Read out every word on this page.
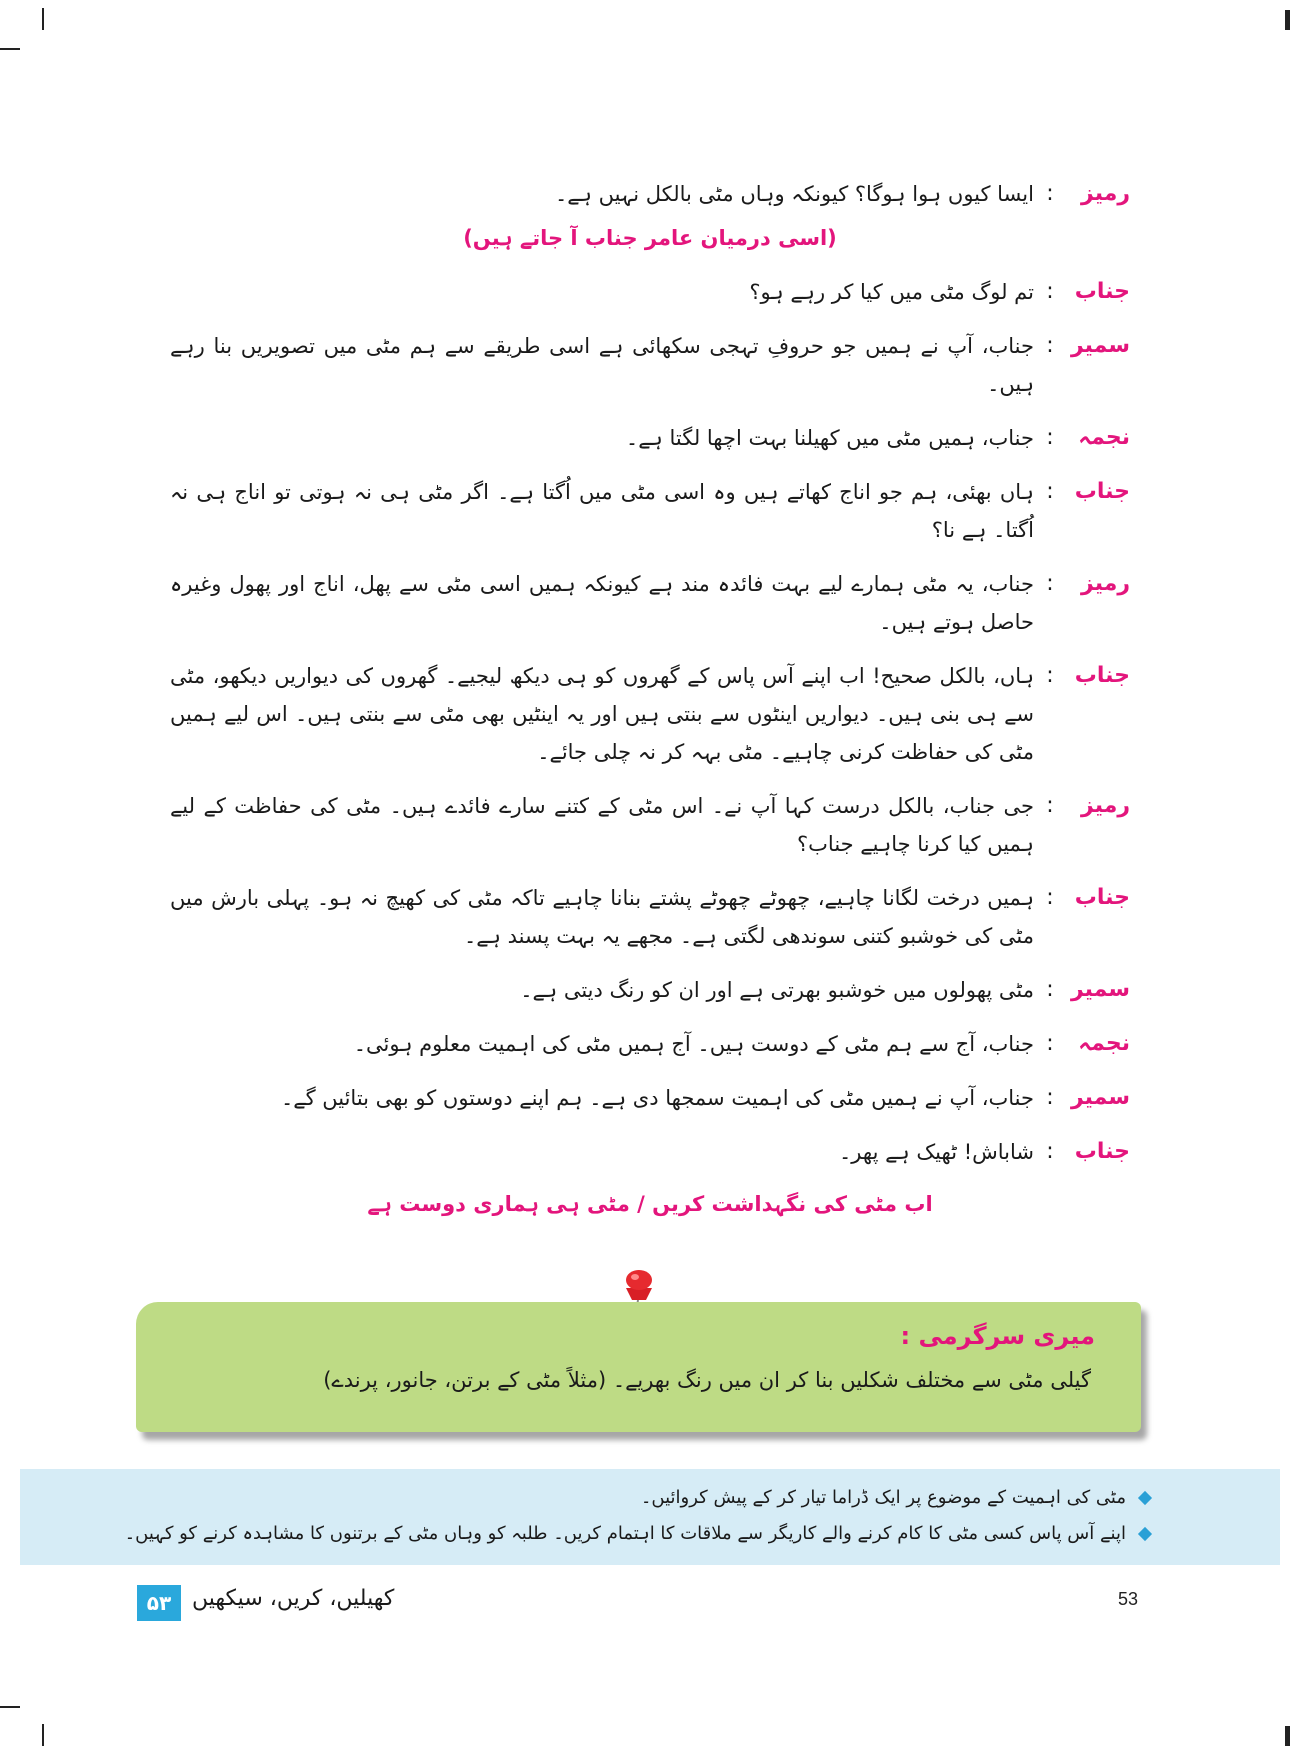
رمیز
:
ایسا کیوں ہوا ہوگا؟ کیونکہ وہاں مٹی بالکل نہیں ہے۔
(اسی درمیان عامر جناب آ جاتے ہیں)
جناب
:
تم لوگ مٹی میں کیا کر رہے ہو؟
سمیر
:
جناب، آپ نے ہمیں جو حروفِ تہجی سکھائی ہے اسی طریقے سے ہم مٹی میں تصویریں بنا رہے ہیں۔
نجمہ
:
جناب، ہمیں مٹی میں کھیلنا بہت اچھا لگتا ہے۔
جناب
:
ہاں بھئی، ہم جو اناج کھاتے ہیں وہ اسی مٹی میں اُگتا ہے۔ اگر مٹی ہی نہ ہوتی تو اناج ہی نہ اُگتا۔ ہے نا؟
رمیز
:
جناب، یہ مٹی ہمارے لیے بہت فائدہ مند ہے کیونکہ ہمیں اسی مٹی سے پھل، اناج اور پھول وغیرہ حاصل ہوتے ہیں۔
جناب
:
ہاں، بالکل صحیح! اب اپنے آس پاس کے گھروں کو ہی دیکھ لیجیے۔ گھروں کی دیواریں دیکھو، مٹی سے ہی بنی ہیں۔ دیواریں اینٹوں سے بنتی ہیں اور یہ اینٹیں بھی مٹی سے بنتی ہیں۔ اس لیے ہمیں مٹی کی حفاظت کرنی چاہیے۔ مٹی بہہ کر نہ چلی جائے۔
رمیز
:
جی جناب، بالکل درست کہا آپ نے۔ اس مٹی کے کتنے سارے فائدے ہیں۔ مٹی کی حفاظت کے لیے ہمیں کیا کرنا چاہیے جناب؟
جناب
:
ہمیں درخت لگانا چاہیے، چھوٹے چھوٹے پشتے بنانا چاہیے تاکہ مٹی کی کھیچ نہ ہو۔ پہلی بارش میں مٹی کی خوشبو کتنی سوندھی لگتی ہے۔ مجھے یہ بہت پسند ہے۔
سمیر
:
مٹی پھولوں میں خوشبو بھرتی ہے اور ان کو رنگ دیتی ہے۔
نجمہ
:
جناب، آج سے ہم مٹی کے دوست ہیں۔ آج ہمیں مٹی کی اہمیت معلوم ہوئی۔
سمیر
:
جناب، آپ نے ہمیں مٹی کی اہمیت سمجھا دی ہے۔ ہم اپنے دوستوں کو بھی بتائیں گے۔
جناب
:
شاباش! ٹھیک ہے پھر۔
اب مٹی کی نگہداشت کریں / مٹی ہی ہماری دوست ہے
میری سرگرمی :
گیلی مٹی سے مختلف شکلیں بنا کر ان میں رنگ بھریے۔ (مثلاً مٹی کے برتن، جانور، پرندے)
مٹی کی اہمیت کے موضوع پر ایک ڈراما تیار کر کے پیش کروائیں۔
اپنے آس پاس کسی مٹی کا کام کرنے والے کاریگر سے ملاقات کا اہتمام کریں۔ طلبہ کو وہاں مٹی کے برتنوں کا مشاہدہ کرنے کو کہیں۔
۵۳ کھیلیں، کریں، سیکھیں	53
